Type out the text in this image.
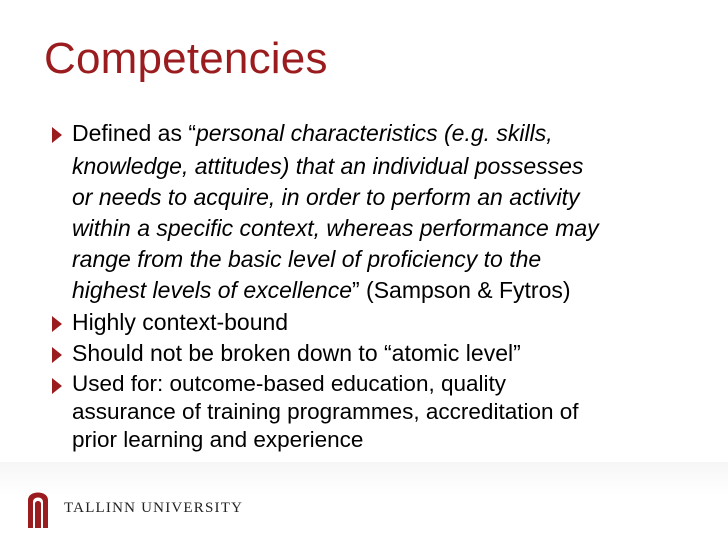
Competencies
Defined as “personal characteristics (e.g. skills,
knowledge, attitudes) that an individual possesses
or needs to acquire, in order to perform an activity
within a specific context, whereas performance may
range from the basic level of proficiency to the
highest levels of excellence” (Sampson & Fytros)
Highly context-bound
Should not be broken down to “atomic level”
Used for: outcome-based education, quality
assurance of training programmes, accreditation of
prior learning and experience
TALLINN UNIVERSITY
